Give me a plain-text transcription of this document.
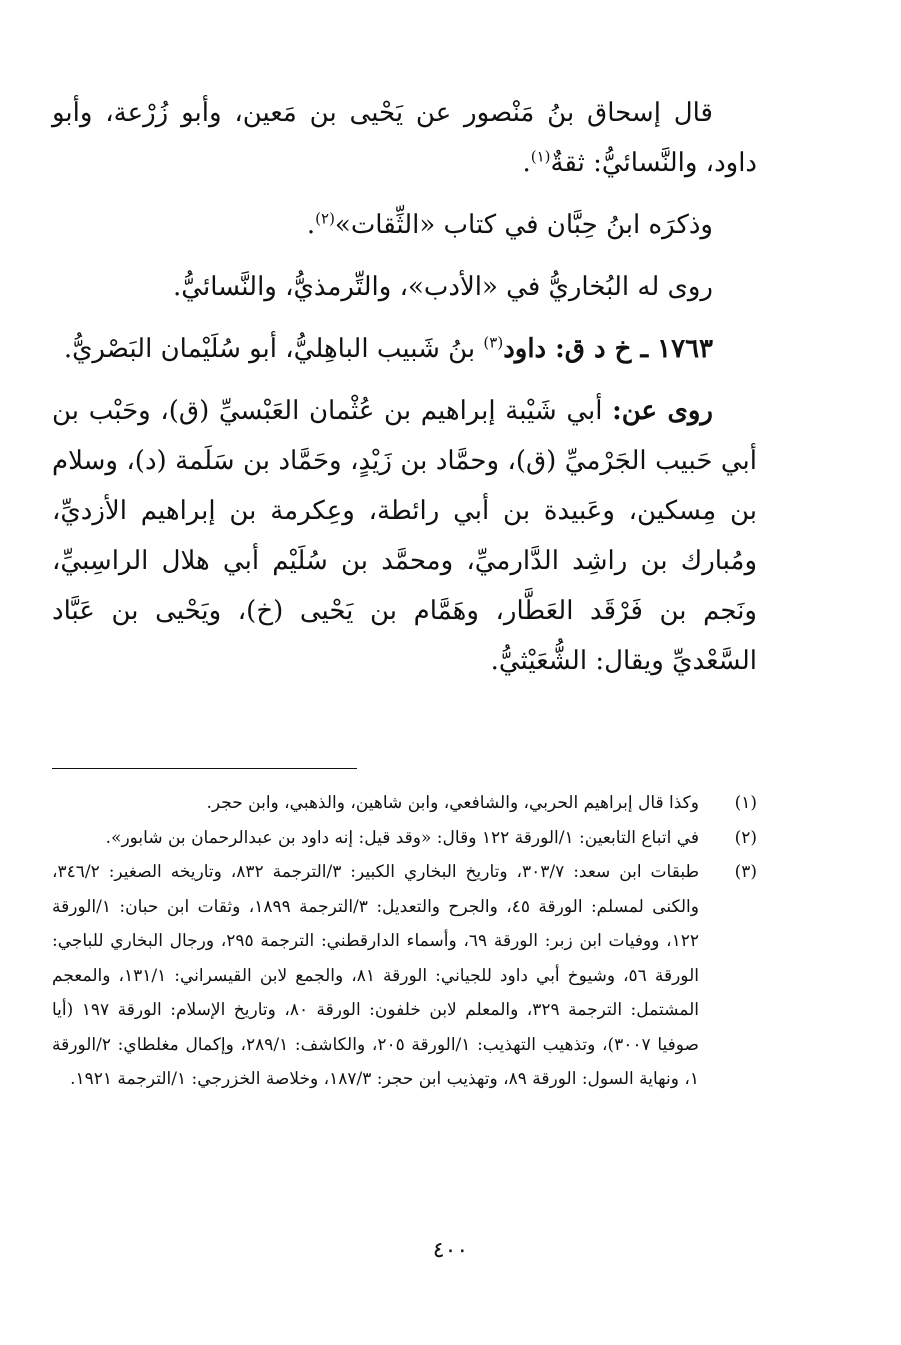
قال إسحاق بنُ مَنْصور عن يَحْيى بن مَعين، وأبو زُرْعة، وأبو داود، والنَّسائيُّ: ثقةٌ$^{(١)}$.

وذكرَه ابنُ حِبَّان في كتاب «الثِّقات»$^{(٢)}$.

روى له البُخاريُّ في «الأدب»، والتِّرمذيُّ، والنَّسائيُّ.

١٧٦٣ ـ خ د ق: داود$^{(٣)}$ بنُ شَبيب الباهِليُّ، أبو سُلَيْمان البَصْريُّ.

روى عن: أبي شَيْبة إبراهيم بن عُثْمان العَبْسيِّ (ق)، وحَبْب بن أبي حَبيب الجَرْميِّ (ق)، وحمَّاد بن زَيْدٍ، وحَمَّاد بن سَلَمة (د)، وسلام بن مِسكين، وعَبيدة بن أبي رائطة، وعِكرمة بن إبراهيم الأزديِّ، ومُبارك بن راشِد الدَّارميِّ، ومحمَّد بن سُلَيْم أبي هلال الراسِبيِّ، ونَجم بن فَرْقَد العَطَّار، وهَمَّام بن يَحْيى (خ)، ويَحْيى بن عَبَّاد السَّعْديِّ ويقال: الشُّعَيْثيُّ.

(١)
وكذا قال إبراهيم الحربي، والشافعي، وابن شاهين، والذهبي، وابن حجر.

(٢)
في اتباع التابعين: ١/الورقة ١٢٢ وقال: «وقد قيل: إنه داود بن عبدالرحمان بن شابور».

(٣)
طبقات ابن سعد: ٣٠٣/٧، وتاريخ البخاري الكبير: ٣/الترجمة ٨٣٢، وتاريخه الصغير: ٣٤٦/٢، والكنى لمسلم: الورقة ٤٥، والجرح والتعديل: ٣/الترجمة ١٨٩٩، وثقات ابن حبان: ١/الورقة ١٢٢، ووفيات ابن زبر: الورقة ٦٩، وأسماء الدارقطني: الترجمة ٢٩٥، ورجال البخاري للباجي: الورقة ٥٦، وشيوخ أبي داود للجياني: الورقة ٨١، والجمع لابن القيسراني: ١٣١/١، والمعجم المشتمل: الترجمة ٣٢٩، والمعلم لابن خلفون: الورقة ٨٠، وتاريخ الإسلام: الورقة ١٩٧ (أيا صوفيا ٣٠٠٧)، وتذهيب التهذيب: ١/الورقة ٢٠٥، والكاشف: ٢٨٩/١، وإكمال مغلطاي: ٢/الورقة ١، ونهاية السول: الورقة ٨٩، وتهذيب ابن حجر: ١٨٧/٣، وخلاصة الخزرجي: ١/الترجمة ١٩٢١.

٤٠٠
